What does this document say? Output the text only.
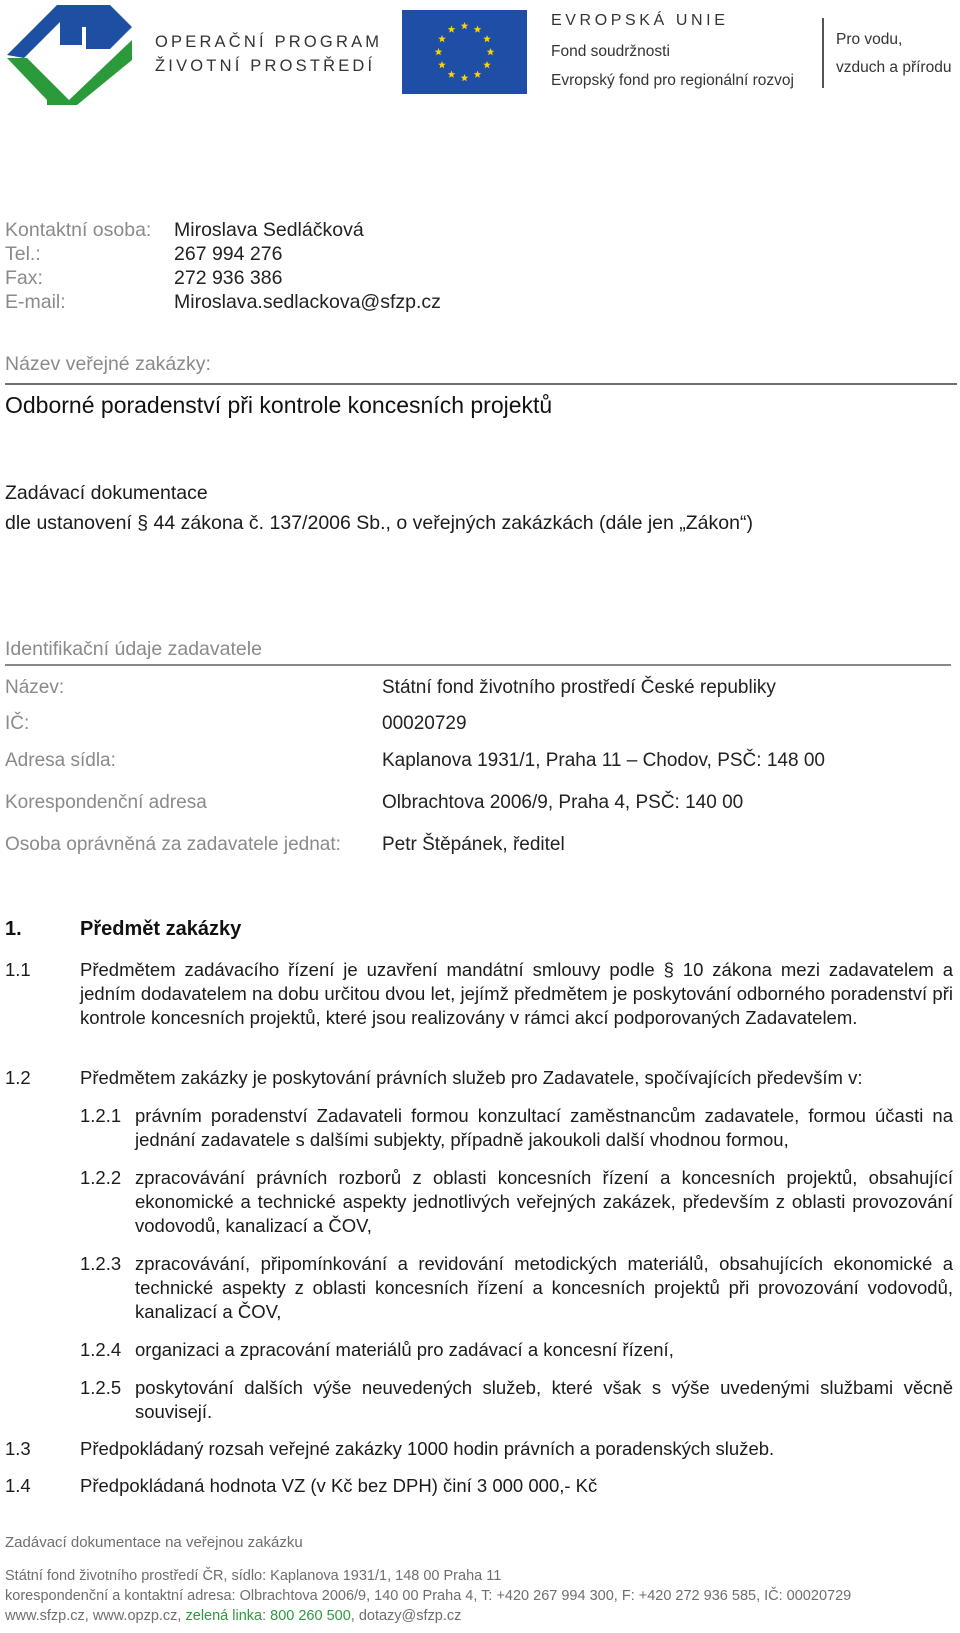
OPERAČNÍ PROGRAM
ŽIVOTNÍ PROSTŘEDÍ
EVROPSKÁ UNIE
Fond soudržnosti
Evropský fond pro regionální rozvoj
Pro vodu,
vzduch a přírodu
Kontaktní osoba: Miroslava Sedláčková
Tel.:	267 994 276
Fax:	272 936 386
E-mail:	Miroslava.sedlackova@sfzp.cz
Název veřejné zakázky:
Odborné poradenství při kontrole koncesních projektů
Zadávací dokumentace
dle ustanovení § 44 zákona č. 137/2006 Sb., o veřejných zakázkách (dále jen „Zákon“)
Identifikační údaje zadavatele
Název:	Státní fond životního prostředí České republiky
IČ:	00020729
Adresa sídla:	Kaplanova 1931/1, Praha 11 – Chodov, PSČ: 148 00
Korespondenční adresa	Olbrachtova 2006/9, Praha 4, PSČ: 140 00
Osoba oprávněná za zadavatele jednat: Petr Štěpánek, ředitel
1.	Předmět zakázky
1.1	Předmětem zadávacího řízení je uzavření mandátní smlouvy podle § 10 zákona mezi zadavatelem a jedním dodavatelem na dobu určitou dvou let, jejímž předmětem je poskytování odborného poradenství při kontrole koncesních projektů, které jsou realizovány v rámci akcí podporovaných Zadavatelem.
1.2	Předmětem zakázky je poskytování právních služeb pro Zadavatele, spočívajících především v:
1.2.1 právním poradenství Zadavateli formou konzultací zaměstnancům zadavatele, formou účasti na jednání zadavatele s dalšími subjekty, případně jakoukoli další vhodnou formou,
1.2.2 zpracovávání právních rozborů z oblasti koncesních řízení a koncesních projektů, obsahující ekonomické a technické aspekty jednotlivých veřejných zakázek, především z oblasti provozování vodovodů, kanalizací a ČOV,
1.2.3 zpracovávání, připomínkování a revidování metodických materiálů, obsahujících ekonomické a technické aspekty z oblasti koncesních řízení a koncesních projektů při provozování vodovodů, kanalizací a ČOV,
1.2.4 organizaci a zpracování materiálů pro zadávací a koncesní řízení,
1.2.5 poskytování dalších výše neuvedených služeb, které však s výše uvedenými službami věcně souvisejí.
1.3	Předpokládaný rozsah veřejné zakázky 1000 hodin právních a poradenských služeb.
1.4	Předpokládaná hodnota VZ (v Kč bez DPH) činí 3 000 000,- Kč
Zadávací dokumentace na veřejnou zakázku
Státní fond životního prostředí ČR, sídlo: Kaplanova 1931/1, 148 00 Praha 11
korespondenční a kontaktní adresa: Olbrachtova 2006/9, 140 00 Praha 4, T: +420 267 994 300, F: +420 272 936 585, IČ: 00020729
www.sfzp.cz, www.opzp.cz, zelená linka: 800 260 500, dotazy@sfzp.cz
